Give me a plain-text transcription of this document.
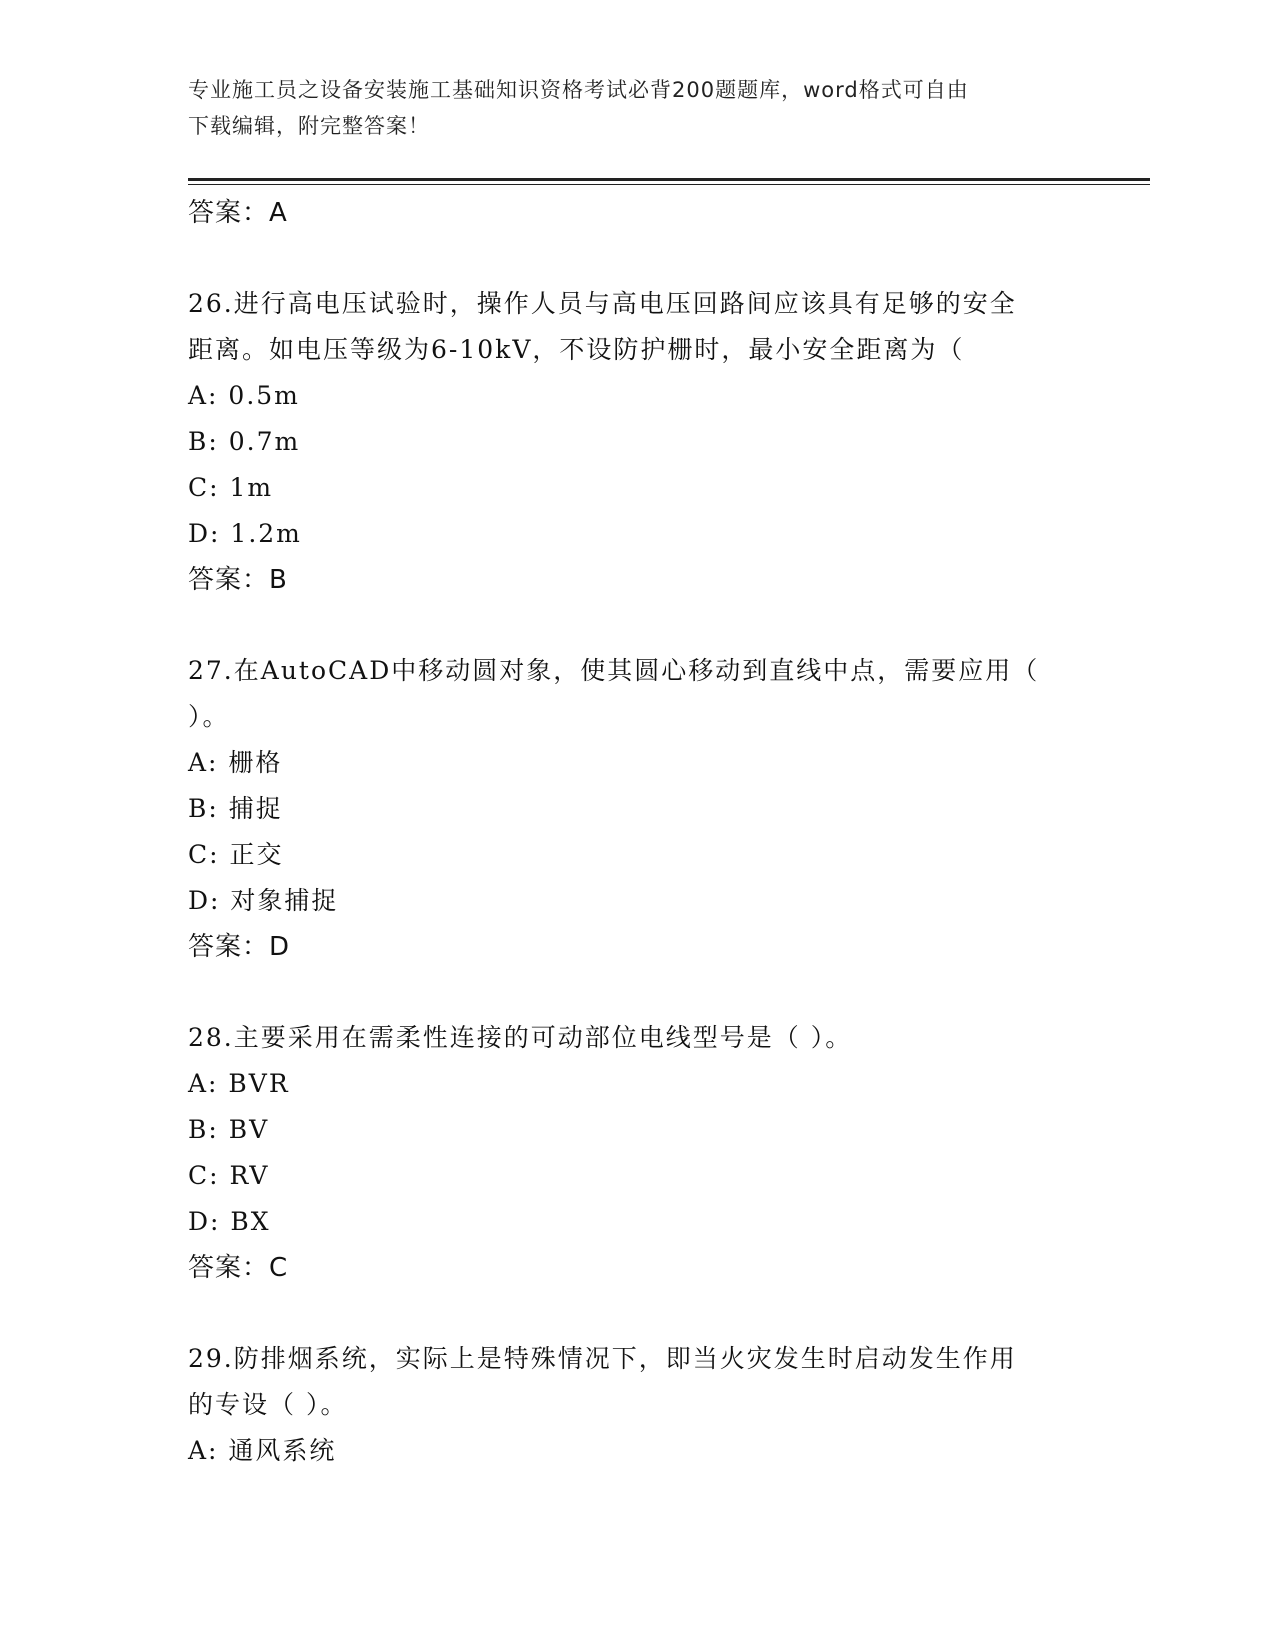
专业施工员之设备安装施工基础知识资格考试必背200题题库，word格式可自由
下载编辑，附完整答案！
答案：A
26.进行高电压试验时，操作人员与高电压回路间应该具有足够的安全
距离。如电压等级为6-10kV，不设防护栅时，最小安全距离为（
A: 0.5m
B: 0.7m
C: 1m
D: 1.2m
答案：B
27.在AutoCAD中移动圆对象，使其圆心移动到直线中点，需要应用（
）。
A: 栅格
B: 捕捉
C: 正交
D: 对象捕捉
答案：D
28.主要采用在需柔性连接的可动部位电线型号是（ ）。
A: BVR
B: BV
C: RV
D: BX
答案：C
29.防排烟系统，实际上是特殊情况下，即当火灾发生时启动发生作用
的专设（ ）。
A: 通风系统
